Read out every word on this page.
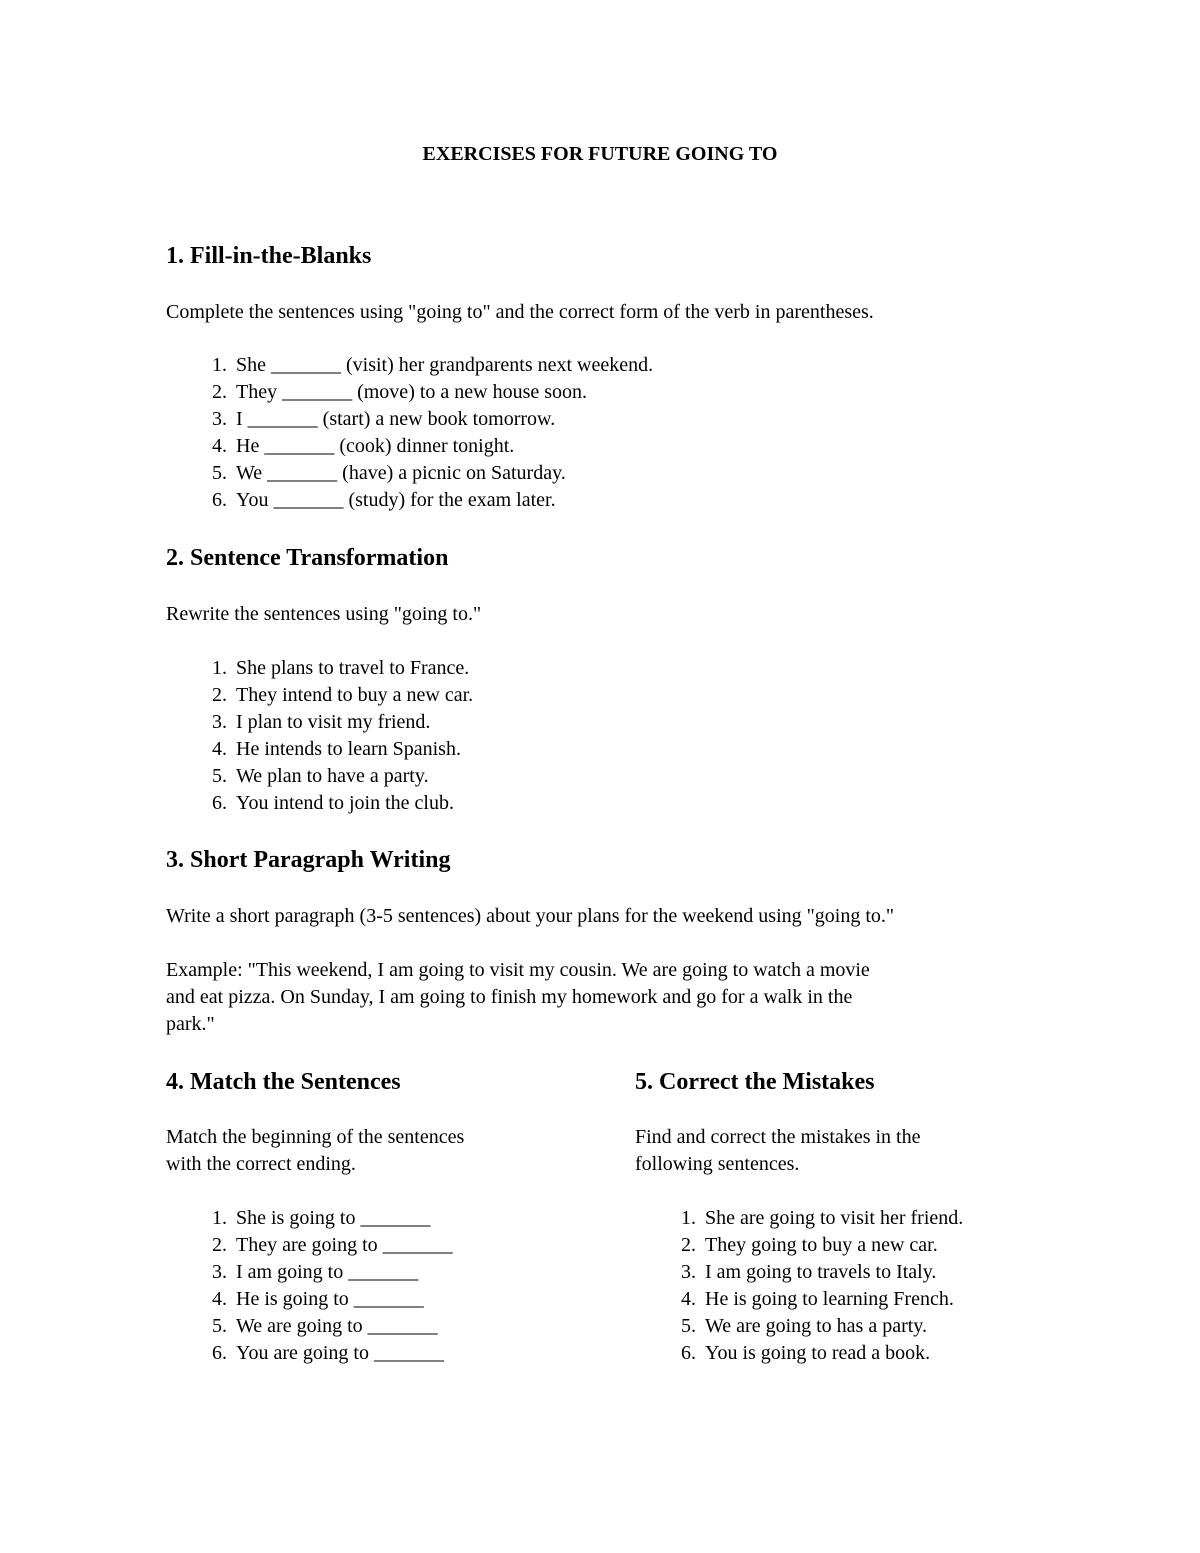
EXERCISES FOR FUTURE GOING TO
1. Fill-in-the-Blanks

Complete the sentences using "going to" and the correct form of the verb in parentheses.

1. She _______ (visit) her grandparents next weekend.
2. They _______ (move) to a new house soon.
3. I _______ (start) a new book tomorrow.
4. He _______ (cook) dinner tonight.
5. We _______ (have) a picnic on Saturday.
6. You _______ (study) for the exam later.
2. Sentence Transformation

Rewrite the sentences using "going to."

1. She plans to travel to France.
2. They intend to buy a new car.
3. I plan to visit my friend.
4. He intends to learn Spanish.
5. We plan to have a party.
6. You intend to join the club.
3. Short Paragraph Writing

Write a short paragraph (3-5 sentences) about your plans for the weekend using "going to."

Example: "This weekend, I am going to visit my cousin. We are going to watch a movie

and eat pizza. On Sunday, I am going to finish my homework and go for a walk in the

park."

4. Match the Sentences

Match the beginning of the sentences

with the correct ending.

1. She is going to _______
2. They are going to _______
3. I am going to _______
4. He is going to _______
5. We are going to _______
6. You are going to _______
5. Correct the Mistakes

Find and correct the mistakes in the

following sentences.

1. She are going to visit her friend.
2. They going to buy a new car.
3. I am going to travels to Italy.
4. He is going to learning French.
5. We are going to has a party.
6. You is going to read a book.
